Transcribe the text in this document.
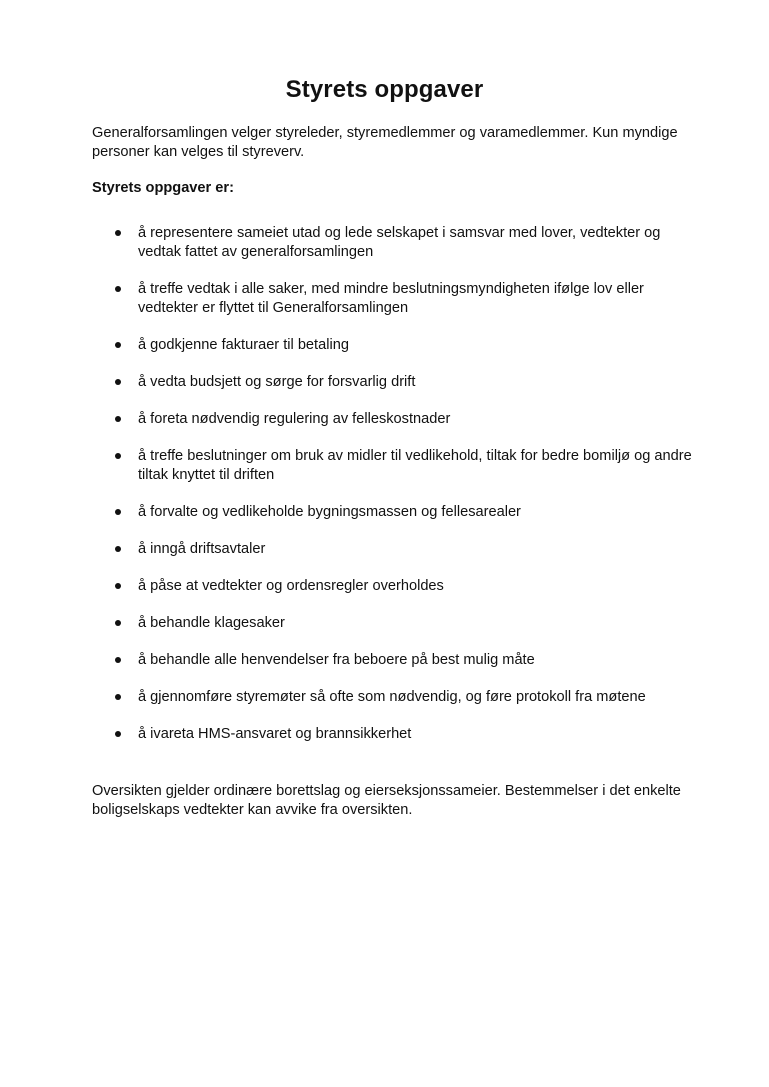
Styrets oppgaver
Generalforsamlingen velger styreleder, styremedlemmer og varamedlemmer. Kun myndige personer kan velges til styreverv.
Styrets oppgaver er:
å representere sameiet utad og lede selskapet i samsvar med lover, vedtekter og vedtak fattet av generalforsamlingen
å treffe vedtak i alle saker, med mindre beslutningsmyndigheten ifølge lov eller vedtekter er flyttet til Generalforsamlingen
å godkjenne fakturaer til betaling
å vedta budsjett og sørge for forsvarlig drift
å foreta nødvendig regulering av felleskostnader
å treffe beslutninger om bruk av midler til vedlikehold, tiltak for bedre bomiljø og andre tiltak knyttet til driften
å forvalte og vedlikeholde bygningsmassen og fellesarealer
å inngå driftsavtaler
å påse at vedtekter og ordensregler overholdes
å behandle klagesaker
å behandle alle henvendelser fra beboere på best mulig måte
å gjennomføre styremøter så ofte som nødvendig, og føre protokoll fra møtene
å ivareta HMS-ansvaret og brannsikkerhet
Oversikten gjelder ordinære borettslag og eierseksjonssameier. Bestemmelser i det enkelte boligselskaps vedtekter kan avvike fra oversikten.
